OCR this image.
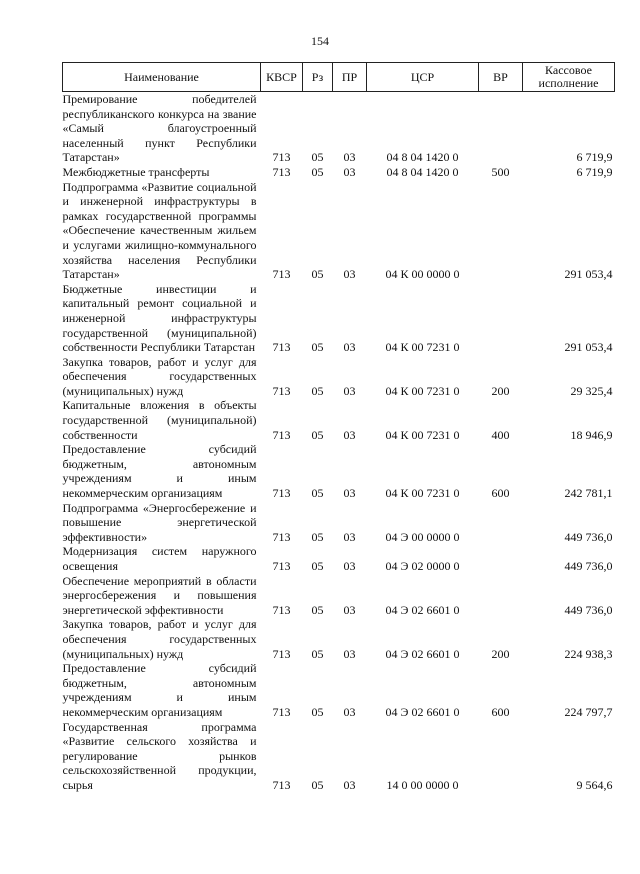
154
Наименование	КВСР	Рз	ПР	ЦСР	ВР	Кассовое исполнение
Премирование победителей республиканского конкурса на звание «Самый благоустроенный населенный пункт Республики Татарстан»	713	05	03	04 8 04 1420 0		6 719,9
Межбюджетные трансферты	713	05	03	04 8 04 1420 0	500	6 719,9
Подпрограмма «Развитие социальной и инженерной инфраструктуры в рамках государственной программы «Обеспечение качественным жильем и услугами жилищно-коммунального хозяйства населения Республики Татарстан»	713	05	03	04 К 00 0000 0		291 053,4
Бюджетные инвестиции и капитальный ремонт социальной и инженерной инфраструктуры государственной (муниципальной) собственности Республики Татарстан	713	05	03	04 К 00 7231 0		291 053,4
Закупка товаров, работ и услуг для обеспечения государственных (муниципальных) нужд	713	05	03	04 К 00 7231 0	200	29 325,4
Капитальные вложения в объекты государственной (муниципальной) собственности	713	05	03	04 К 00 7231 0	400	18 946,9
Предоставление субсидий бюджетным, автономным учреждениям и иным некоммерческим организациям	713	05	03	04 К 00 7231 0	600	242 781,1
Подпрограмма «Энергосбережение и повышение энергетической эффективности»	713	05	03	04 Э 00 0000 0		449 736,0
Модернизация систем наружного освещения	713	05	03	04 Э 02 0000 0		449 736,0
Обеспечение мероприятий в области энергосбережения и повышения энергетической эффективности	713	05	03	04 Э 02 6601 0		449 736,0
Закупка товаров, работ и услуг для обеспечения государственных (муниципальных) нужд	713	05	03	04 Э 02 6601 0	200	224 938,3
Предоставление субсидий бюджетным, автономным учреждениям и иным некоммерческим организациям	713	05	03	04 Э 02 6601 0	600	224 797,7
Государственная программа «Развитие сельского хозяйства и регулирование рынков сельскохозяйственной продукции, сырья	713	05	03	14 0 00 0000 0		9 564,6
